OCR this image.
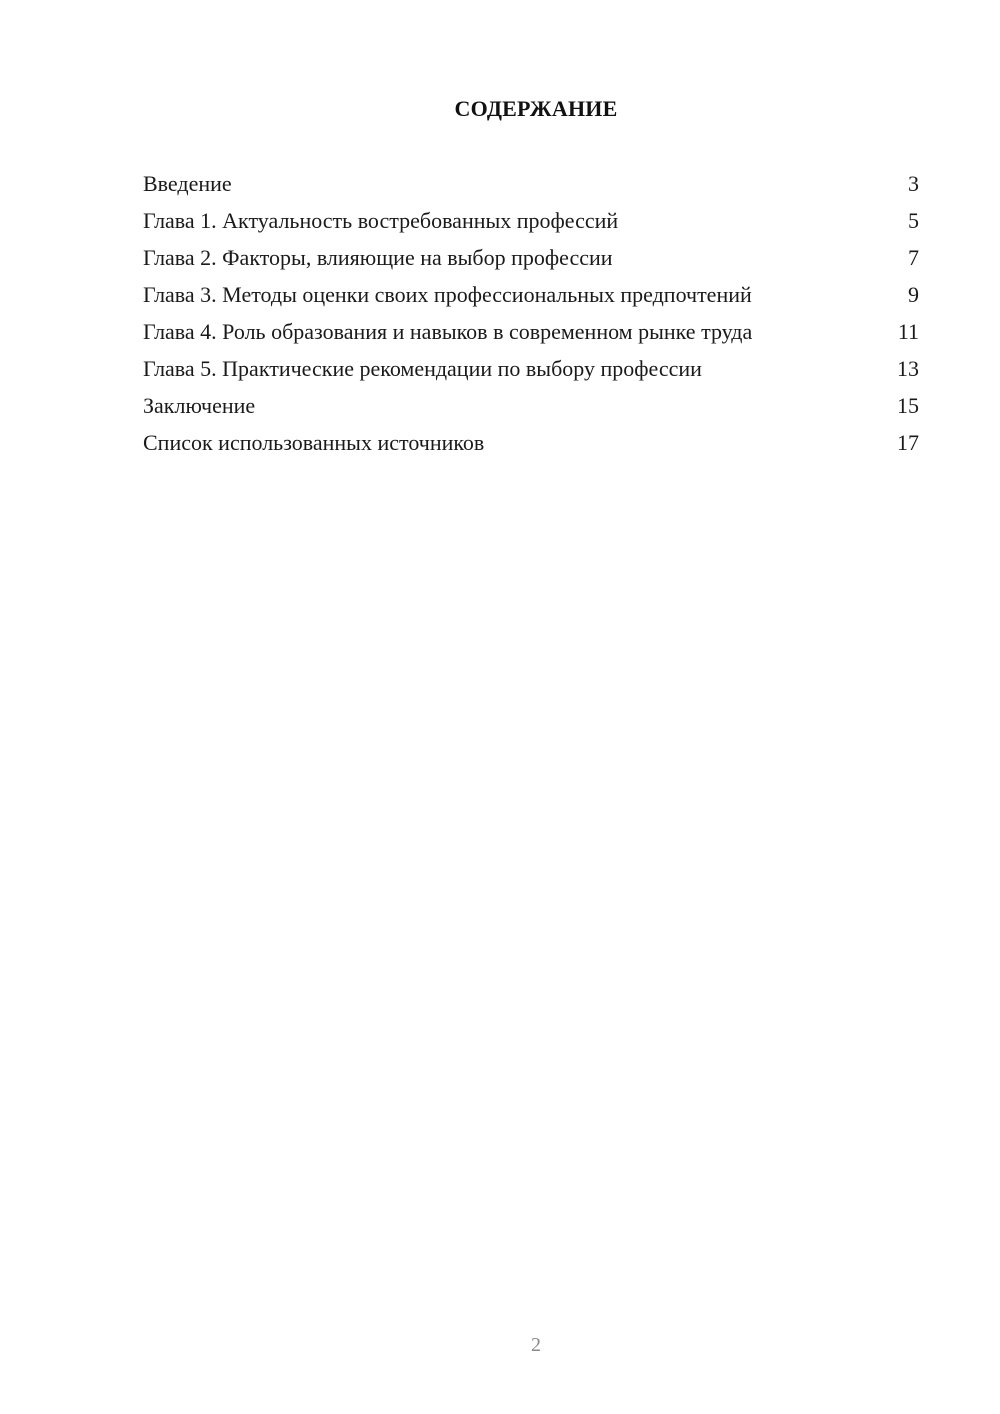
СОДЕРЖАНИЕ
Введение	3
Глава 1. Актуальность востребованных профессий	5
Глава 2. Факторы, влияющие на выбор профессии	7
Глава 3. Методы оценки своих профессиональных предпочтений	9
Глава 4. Роль образования и навыков в современном рынке труда	11
Глава 5. Практические рекомендации по выбору профессии	13
Заключение	15
Список использованных источников	17
2
